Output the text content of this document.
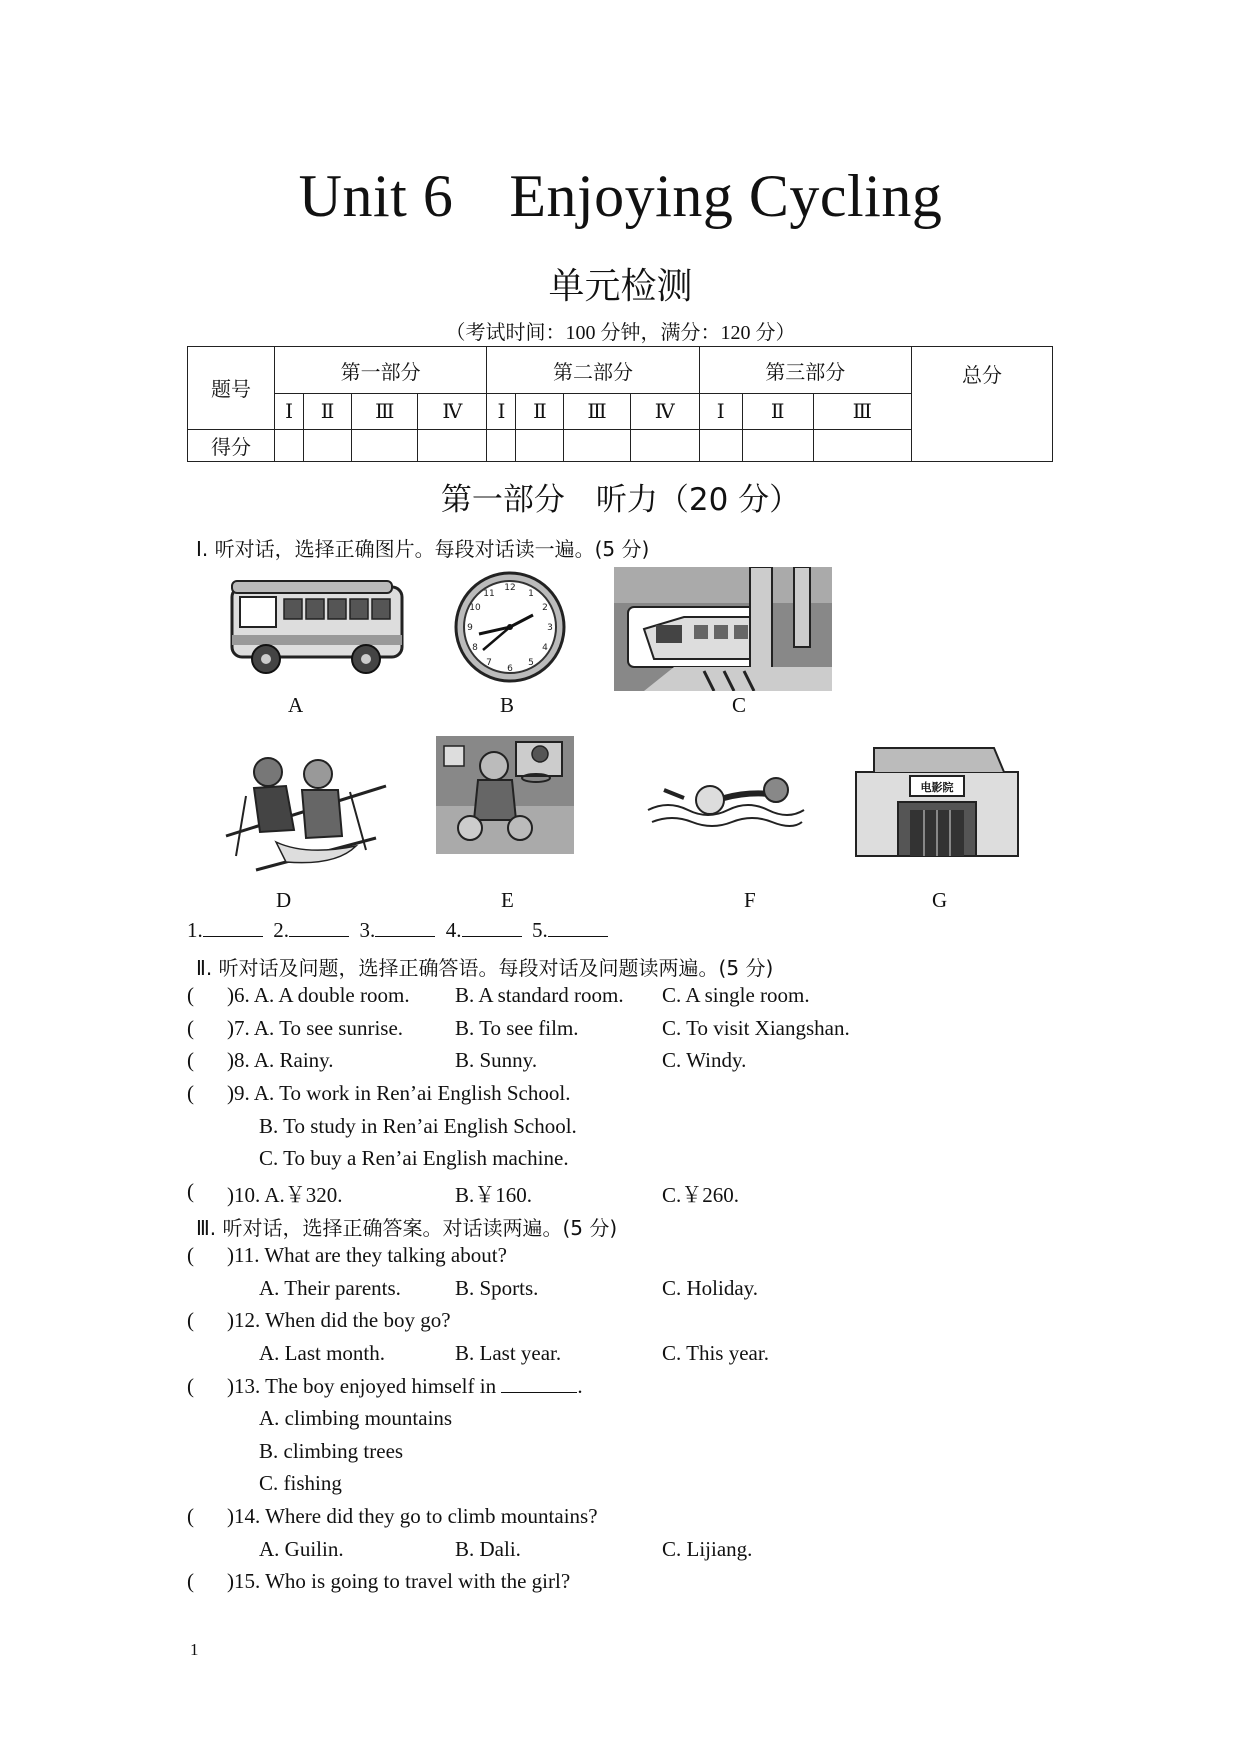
Unit 6 Enjoying Cycling
单元检测
（考试时间：100 分钟，满分：120 分）
题号	第一部分				第二部分				第三部分			总分
	Ⅰ	Ⅱ	Ⅲ	Ⅳ	Ⅰ	Ⅱ	Ⅲ	Ⅳ	Ⅰ	Ⅱ	Ⅲ	
得分												
第一部分　听力（20 分）
Ⅰ. 听对话，选择正确图片。每段对话读一遍。(5 分)
12
1
2
3
4
5
6
7
8
9
10
11
A	B	C
电影院
D	E	F	G
1.	2.	3.	4.	5.
Ⅱ. 听对话及问题，选择正确答语。每段对话及问题读两遍。(5 分)
( )6. A. A double room. B. A standard room. C. A single room.
( )7. A. To see sunrise. B. To see film.	C. To visit Xiangshan.
( )8. A. Rainy.	B. Sunny.	C. Windy.
( )9. A. To work in Ren’ai English School.
B. To study in Ren’ai English School.
C. To buy a Ren’ai English machine.
( )10. A.￥320.	B.￥160.	C.￥260.
Ⅲ. 听对话，选择正确答案。对话读两遍。(5 分)
( )11. What are they talking about?
A. Their parents.	B. Sports.	C. Holiday.
( )12. When did the boy go?
A. Last month.	B. Last year.	C. This year.
( )13. The boy enjoyed himself in	.
A. climbing mountains
B. climbing trees
C. fishing
( )14. Where did they go to climb mountains?
A. Guilin.	B. Dali.	C. Lijiang.
( )15. Who is going to travel with the girl?
1
